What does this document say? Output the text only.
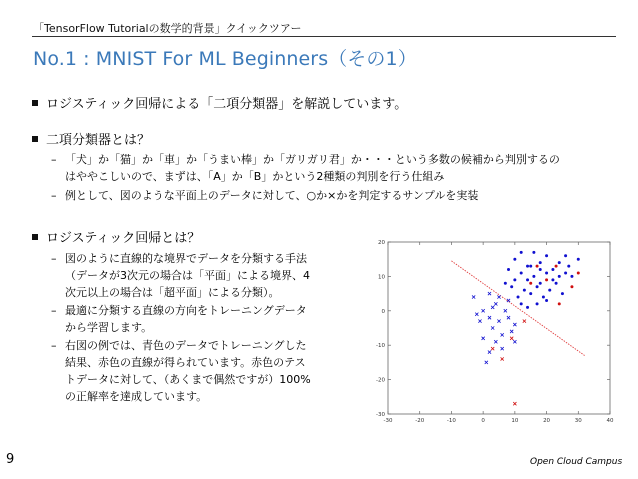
「TensorFlow Tutorialの数学的背景」クイックツアー
No.1 : MNIST For ML Beginners（その1）
ロジスティック回帰による「二項分類器」を解説しています。
二項分類器とは？
– 「犬」か「猫」か「車」か「うまい棒」か「ガリガリ君」か・・・という多数の候補から判別するの
はややこしいので、まずは、「A」か「B」かという2種類の判別を行う仕組み
– 例として、図のような平面上のデータに対して、○か×かを判定するサンプルを実装
ロジスティック回帰とは？
– 図のように直線的な境界でデータを分類する手法
（データが3次元の場合は「平面」による境界、4
次元以上の場合は「超平面」による分類）。
– 最適に分類する直線の方向をトレーニングデータ
から学習します。
– 右図の例では、青色のデータでトレーニングした
結果、赤色の直線が得られています。赤色のテス
トデータに対して、（あくまで偶然ですが）100%
の正解率を達成しています。
-30	-20	-10	0	10	20	30	40
20
10
0
-10
-20
-30
9	Open Cloud Campus
